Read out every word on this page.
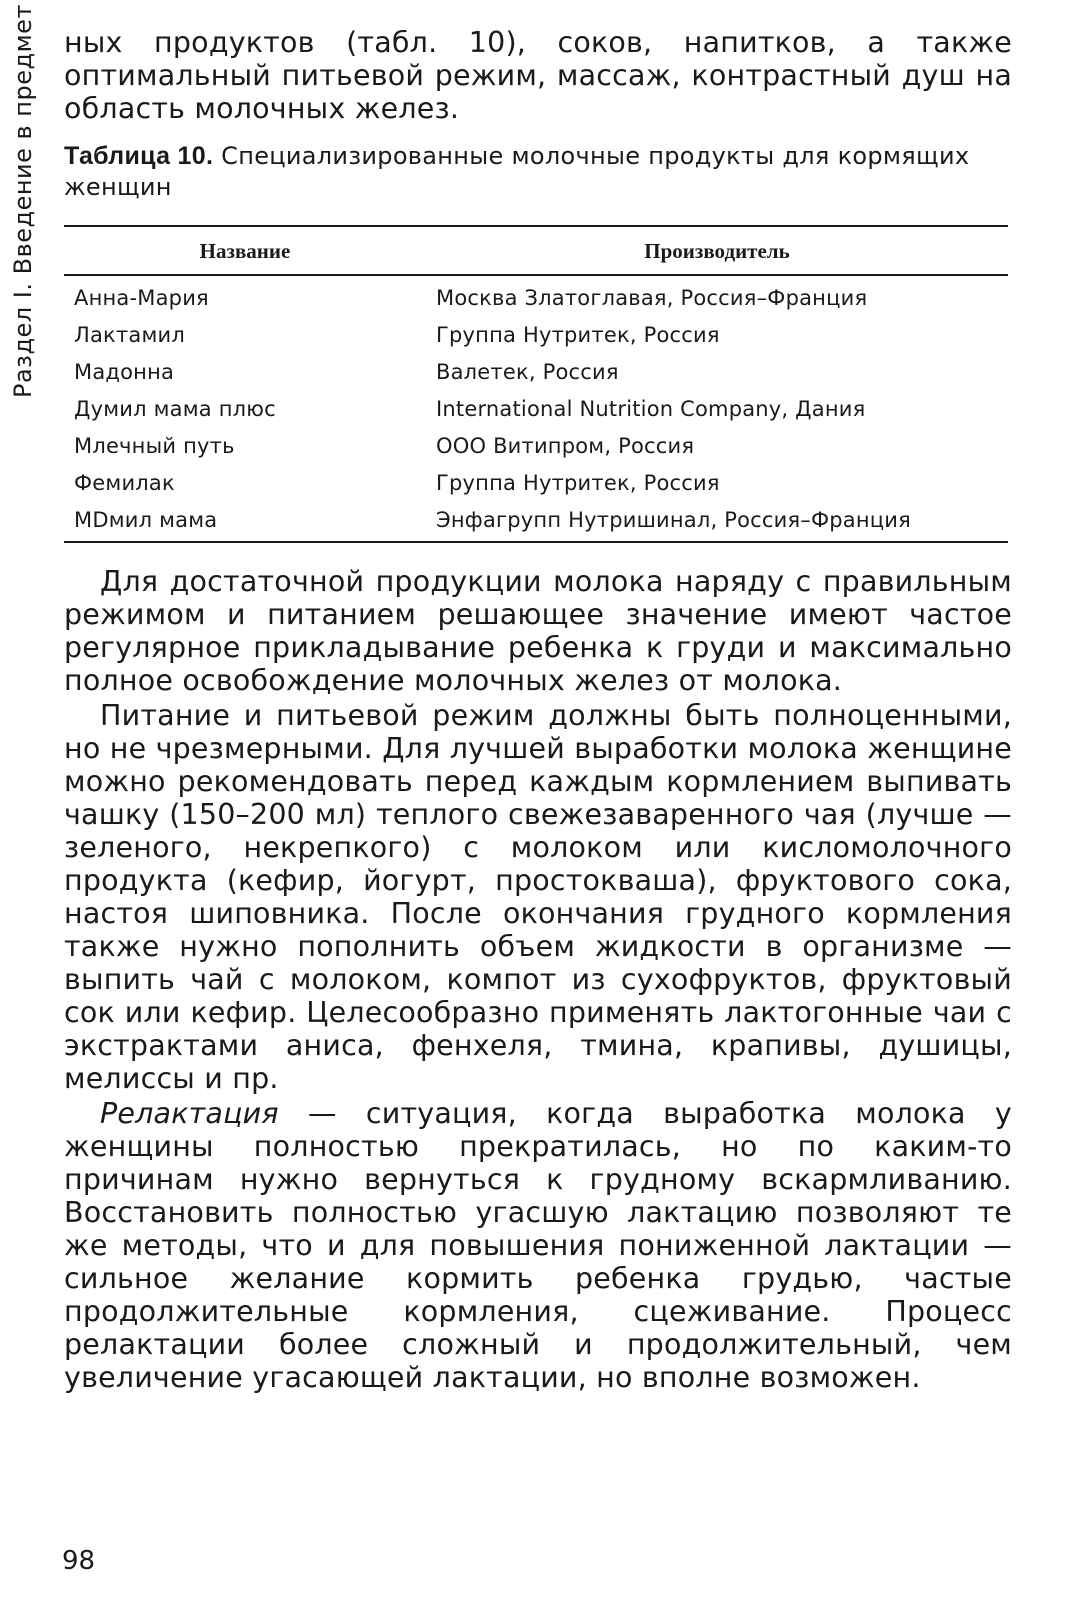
Раздел I. Введение в предмет ных продуктов (табл. 10), соков, напитков, а также оптимальный питьевой режим, массаж, контрастный душ на область молочных желез.

Таблица 10. Специализированные молочные продукты для кормящих женщин

Название	Производитель
Анна-Мария	Москва Златоглавая, Россия–Франция
Лактамил	Группа Нутритек, Россия
Мадонна	Валетек, Россия
Думил мама плюс	International Nutrition Company, Дания
Млечный путь	ООО Витипром, Россия
Фемилак	Группа Нутритек, Россия
MDмил мама	Энфагрупп Нутришинал, Россия–Франция

Для достаточной продукции молока наряду с правильным режимом и питанием решающее значение имеют частое регулярное прикладывание ребенка к груди и максимально полное освобождение молочных желез от молока.

Питание и питьевой режим должны быть полноценными, но не чрезмерными. Для лучшей выработки молока женщине можно рекомендовать перед каждым кормлением выпивать чашку (150–200 мл) теплого свежезаваренного чая (лучше — зеленого, некрепкого) с молоком или кисломолочного продукта (кефир, йогурт, простокваша), фруктового сока, настоя шиповника. После окончания грудного кормления также нужно пополнить объем жидкости в организме — выпить чай с молоком, компот из сухофруктов, фруктовый сок или кефир. Целесообразно применять лактогонные чаи с экстрактами аниса, фенхеля, тмина, крапивы, душицы, мелиссы и пр.

Релактация — ситуация, когда выработка молока у женщины полностью прекратилась, но по каким-то причинам нужно вернуться к грудному вскармливанию. Восстановить полностью угасшую лактацию позволяют те же методы, что и для повышения пониженной лактации — сильное желание кормить ребенка грудью, частые продолжительные кормления, сцеживание. Процесс релактации более сложный и продолжительный, чем увеличение угасающей лактации, но вполне возможен.

98
